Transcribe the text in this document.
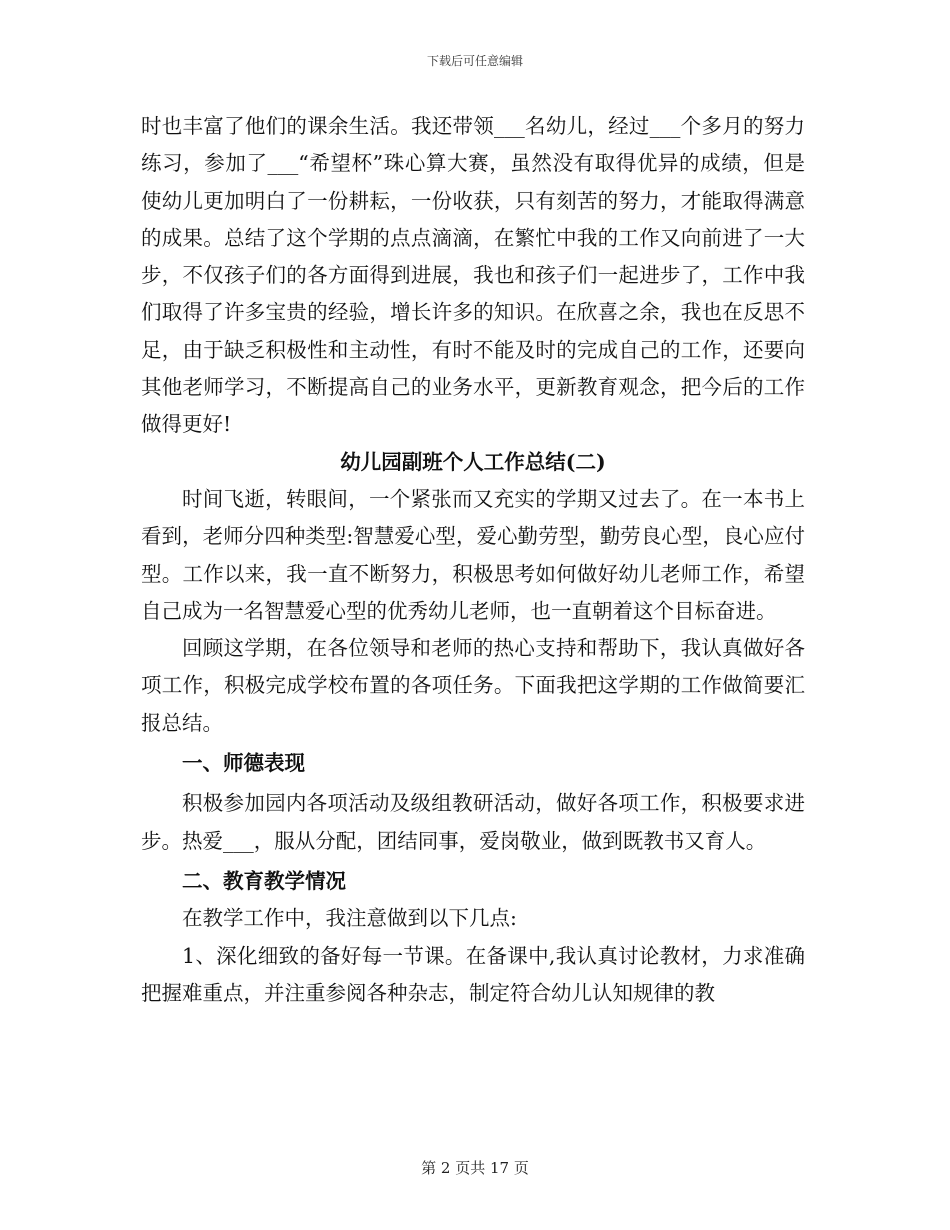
下载后可任意编辑

时也丰富了他们的课余生活。我还带领___名幼儿，经过___个多月的努力练习，参加了___“希望杯”珠心算大赛，虽然没有取得优异的成绩，但是使幼儿更加明白了一份耕耘，一份收获，只有刻苦的努力，才能取得满意的成果。总结了这个学期的点点滴滴，在繁忙中我的工作又向前进了一大步，不仅孩子们的各方面得到进展，我也和孩子们一起进步了，工作中我们取得了许多宝贵的经验，增长许多的知识。在欣喜之余，我也在反思不足，由于缺乏积极性和主动性，有时不能及时的完成自己的工作，还要向其他老师学习，不断提高自己的业务水平，更新教育观念，把今后的工作做得更好!

幼儿园副班个人工作总结(二)

时间飞逝，转眼间，一个紧张而又充实的学期又过去了。在一本书上看到，老师分四种类型:智慧爱心型，爱心勤劳型，勤劳良心型，良心应付型。工作以来，我一直不断努力，积极思考如何做好幼儿老师工作，希望自己成为一名智慧爱心型的优秀幼儿老师，也一直朝着这个目标奋进。

回顾这学期，在各位领导和老师的热心支持和帮助下，我认真做好各项工作，积极完成学校布置的各项任务。下面我把这学期的工作做简要汇报总结。

一、师德表现

积极参加园内各项活动及级组教研活动，做好各项工作，积极要求进步。热爱___，服从分配，团结同事，爱岗敬业，做到既教书又育人。

二、教育教学情况

在教学工作中，我注意做到以下几点:

1、深化细致的备好每一节课。在备课中,我认真讨论教材，力求准确把握难重点，并注重参阅各种杂志，制定符合幼儿认知规律的教

第 2 页共 17 页
